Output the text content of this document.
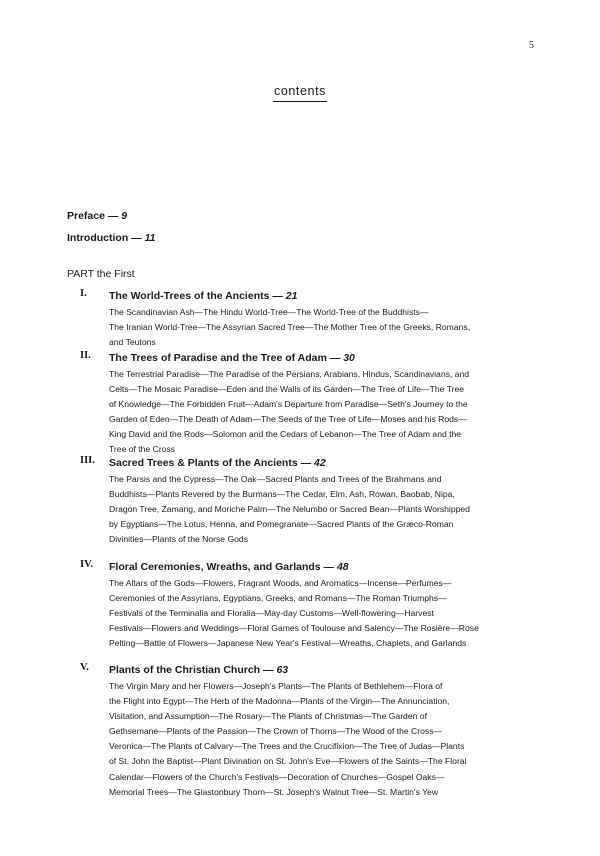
5
contents
Preface — 9
Introduction — 11
PART the First
I. The World-Trees of the Ancients — 21
The Scandinavian Ash—The Hindu World-Tree—The World-Tree of the Buddhists—
The Iranian World-Tree—The Assyrian Sacred Tree—The Mother Tree of the Greeks, Romans,
and Teutons
II. The Trees of Paradise and the Tree of Adam — 30
The Terrestrial Paradise—The Paradise of the Persians, Arabians, Hindus, Scandinavians, and
Celts—The Mosaic Paradise—Eden and the Walls of its Garden—The Tree of Life—The Tree
of Knowledge—The Forbidden Fruit—Adam's Departure from Paradise—Seth's Journey to the
Garden of Eden—The Death of Adam—The Seeds of the Tree of Life—Moses and his Rods—
King David and the Rods—Solomon and the Cedars of Lebanon—The Tree of Adam and the
Tree of the Cross
III. Sacred Trees & Plants of the Ancients — 42
The Parsis and the Cypress—The Oak—Sacred Plants and Trees of the Brahmans and
Buddhists—Plants Revered by the Burmans—The Cedar, Elm, Ash, Rowan, Baobab, Nipa,
Dragon Tree, Zamang, and Moriche Palm—The Nelumbo or Sacred Bean—Plants Worshipped
by Egyptians—The Lotus, Henna, and Pomegranate—Sacred Plants of the Græco-Roman
Divinities—Plants of the Norse Gods
IV. Floral Ceremonies, Wreaths, and Garlands — 48
The Altars of the Gods—Flowers, Fragrant Woods, and Aromatics—Incense—Perfumes—
Ceremonies of the Assyrians, Egyptians, Greeks, and Romans—The Roman Triumphs—
Festivals of the Terminalia and Floralia—May-day Customs—Well-flowering—Harvest
Festivals—Flowers and Weddings—Floral Games of Toulouse and Salency—The Rosière—Rose
Pelting—Battle of Flowers—Japanese New Year's Festival—Wreaths, Chaplets, and Garlands
V. Plants of the Christian Church — 63
The Virgin Mary and her Flowers—Joseph's Plants—The Plants of Bethlehem—Flora of
the Flight into Egypt—The Herb of the Madonna—Plants of the Virgin—The Annunciation,
Visitation, and Assumption—The Rosary—The Plants of Christmas—The Garden of
Gethsemane—Plants of the Passion—The Crown of Thorns—The Wood of the Cross—
Veronica—The Plants of Calvary—The Trees and the Crucifixion—The Tree of Judas—Plants
of St. John the Baptist—Plant Divination on St. John's Eve—Flowers of the Saints—The Floral
Calendar—Flowers of the Church's Festivals—Decoration of Churches—Gospel Oaks—
Memorial Trees—The Glastonbury Thorn—St. Joseph's Walnut Tree—St. Martin's Yew
